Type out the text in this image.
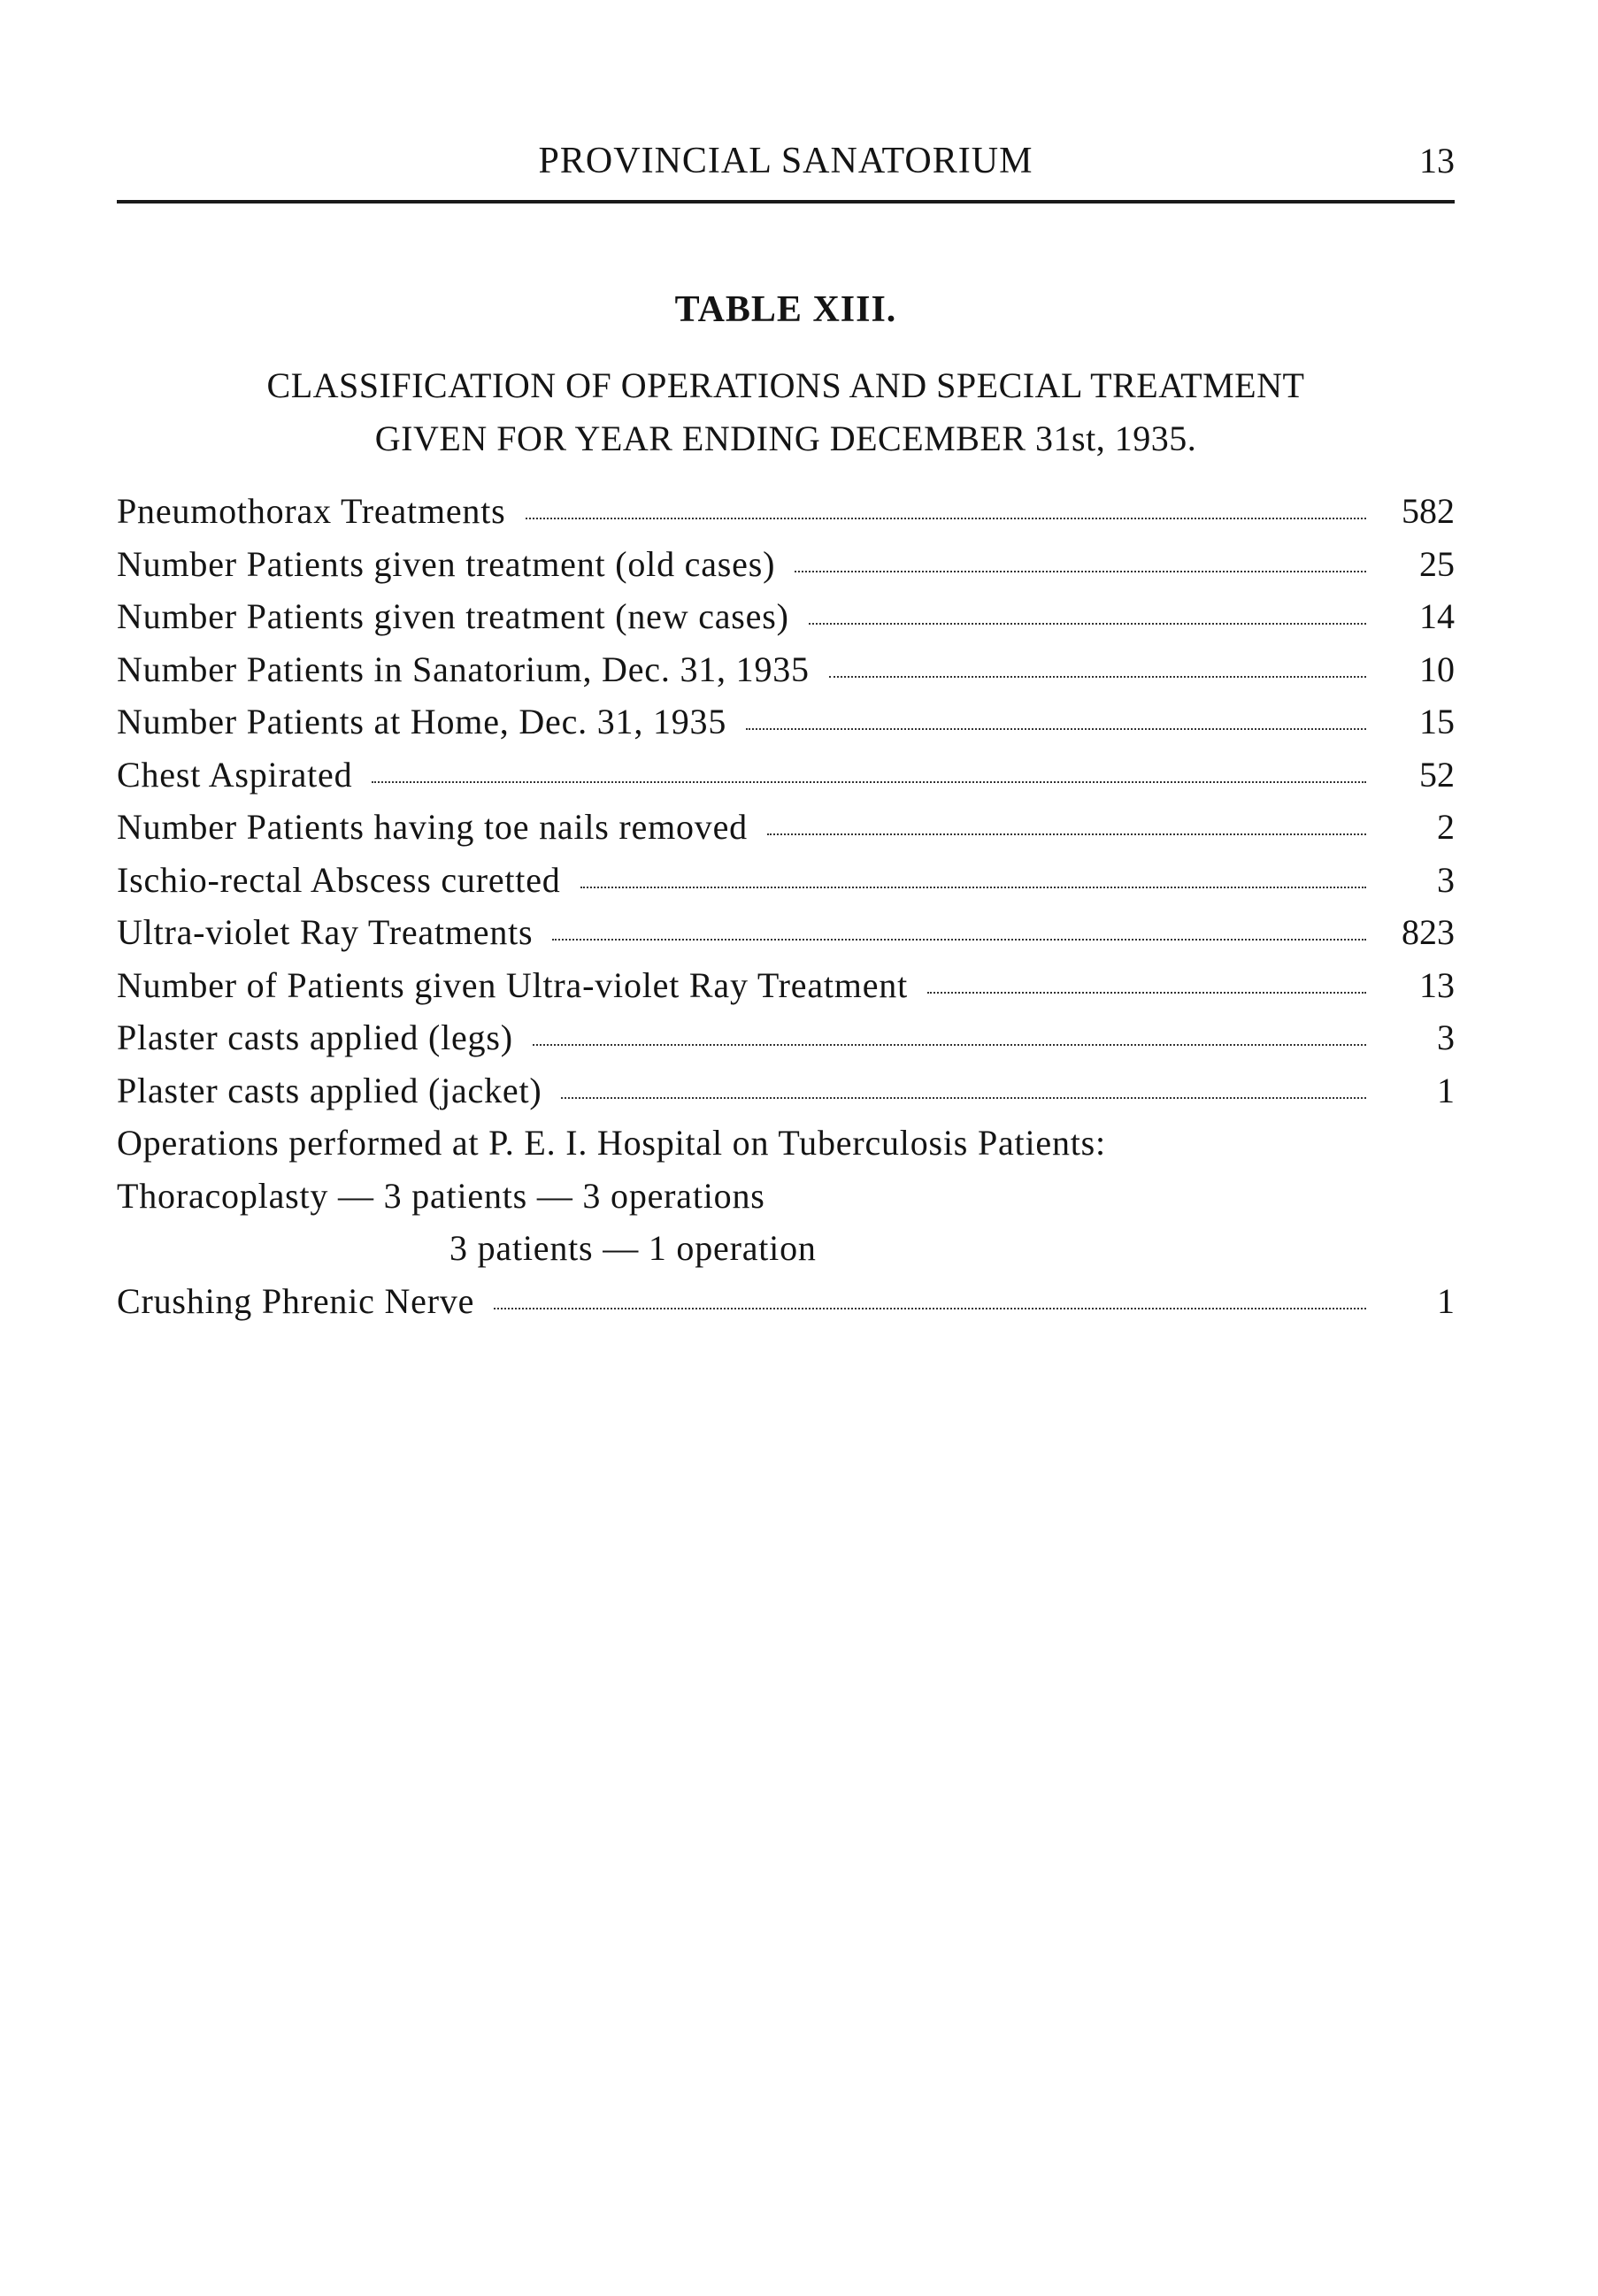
PROVINCIAL SANATORIUM	13
TABLE XIII.
CLASSIFICATION OF OPERATIONS AND SPECIAL TREATMENT
GIVEN FOR YEAR ENDING DECEMBER 31st, 1935.
Pneumothorax Treatments	582
Number Patients given treatment (old cases)	25
Number Patients given treatment (new cases)	14
Number Patients in Sanatorium, Dec. 31, 1935	10
Number Patients at Home, Dec. 31, 1935	15
Chest Aspirated	52
Number Patients having toe nails removed	2
Ischio-rectal Abscess curetted	3
Ultra-violet Ray Treatments	823
Number of Patients given Ultra-violet Ray Treatment	13
Plaster casts applied (legs)	3
Plaster casts applied (jacket)	1
Operations performed at P. E. I. Hospital on Tuberculosis Patients:
Thoracoplasty — 3 patients — 3 operations
3 patients — 1 operation
Crushing Phrenic Nerve	1
